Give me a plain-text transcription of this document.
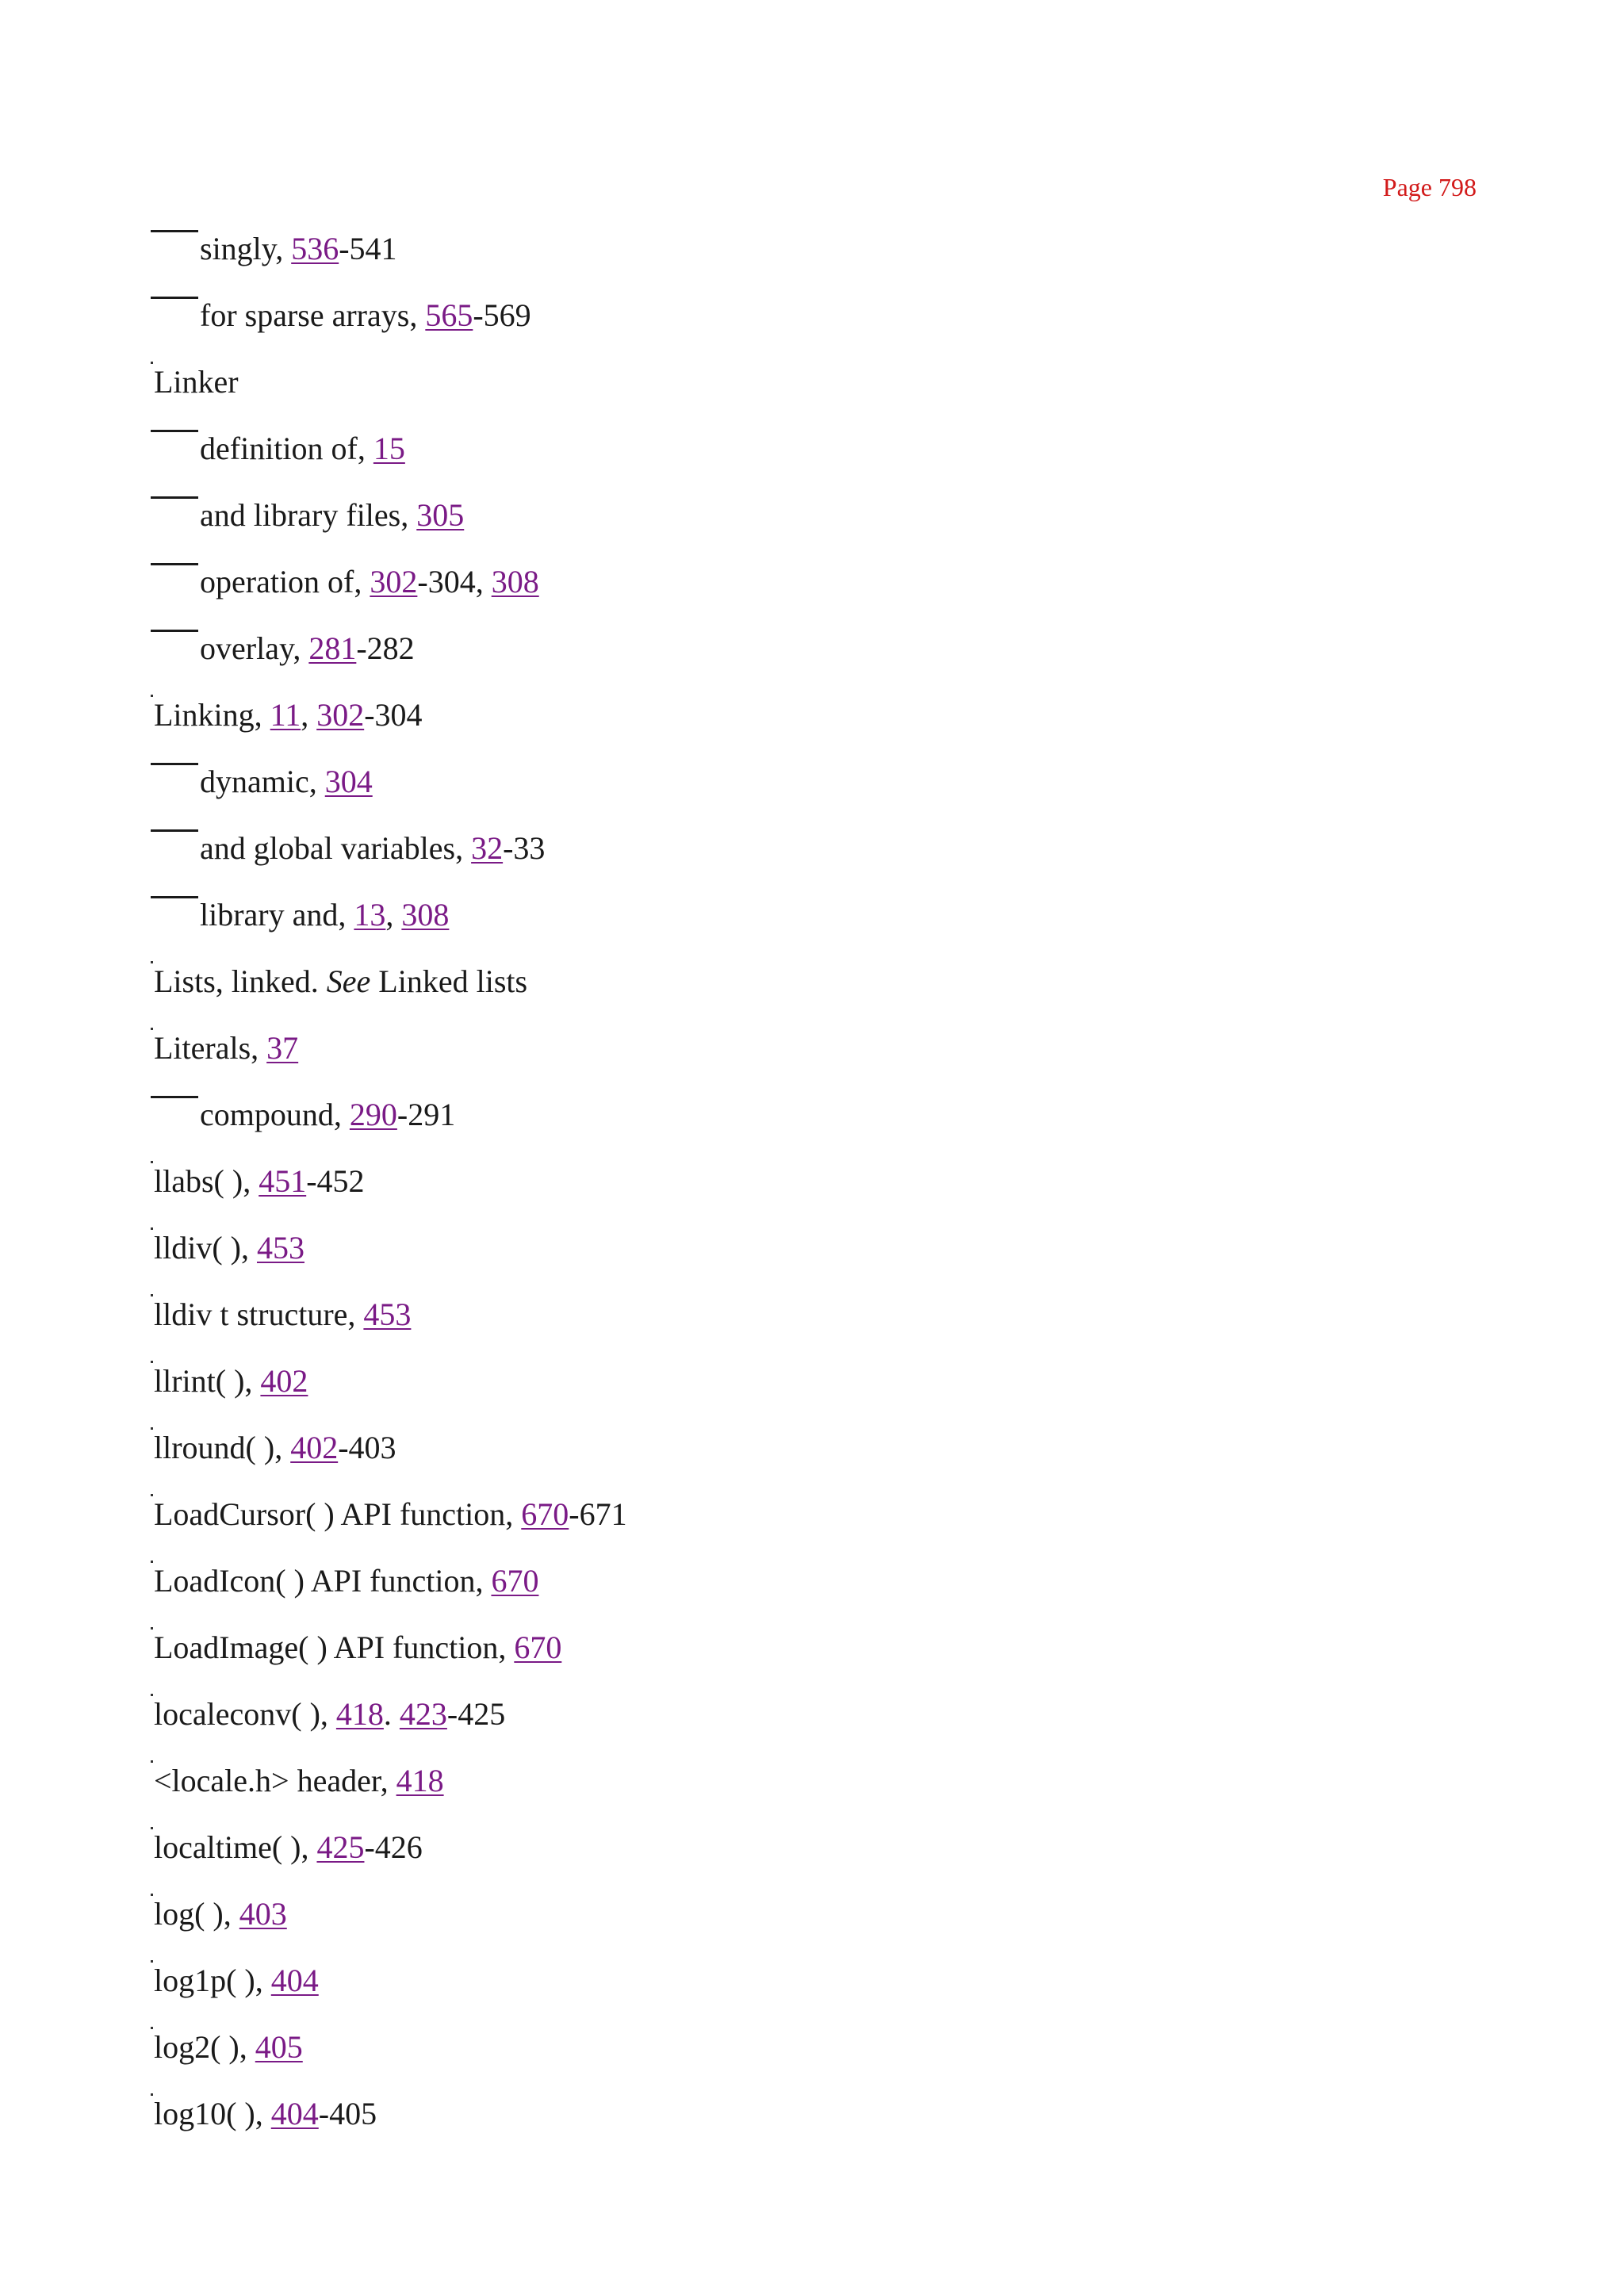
Page 798
singly, 536-541
for sparse arrays, 565-569
Linker
definition of, 15
and library files, 305
operation of, 302-304, 308
overlay, 281-282
Linking, 11, 302-304
dynamic, 304
and global variables, 32-33
library and, 13, 308
Lists, linked. See Linked lists
Literals, 37
compound, 290-291
llabs( ), 451-452
lldiv( ), 453
lldiv t structure, 453
llrint( ), 402
llround( ), 402-403
LoadCursor( ) API function, 670-671
LoadIcon( ) API function, 670
LoadImage( ) API function, 670
localeconv( ), 418. 423-425
<locale.h> header, 418
localtime( ), 425-426
log( ), 403
log1p( ), 404
log2( ), 405
log10( ), 404-405
